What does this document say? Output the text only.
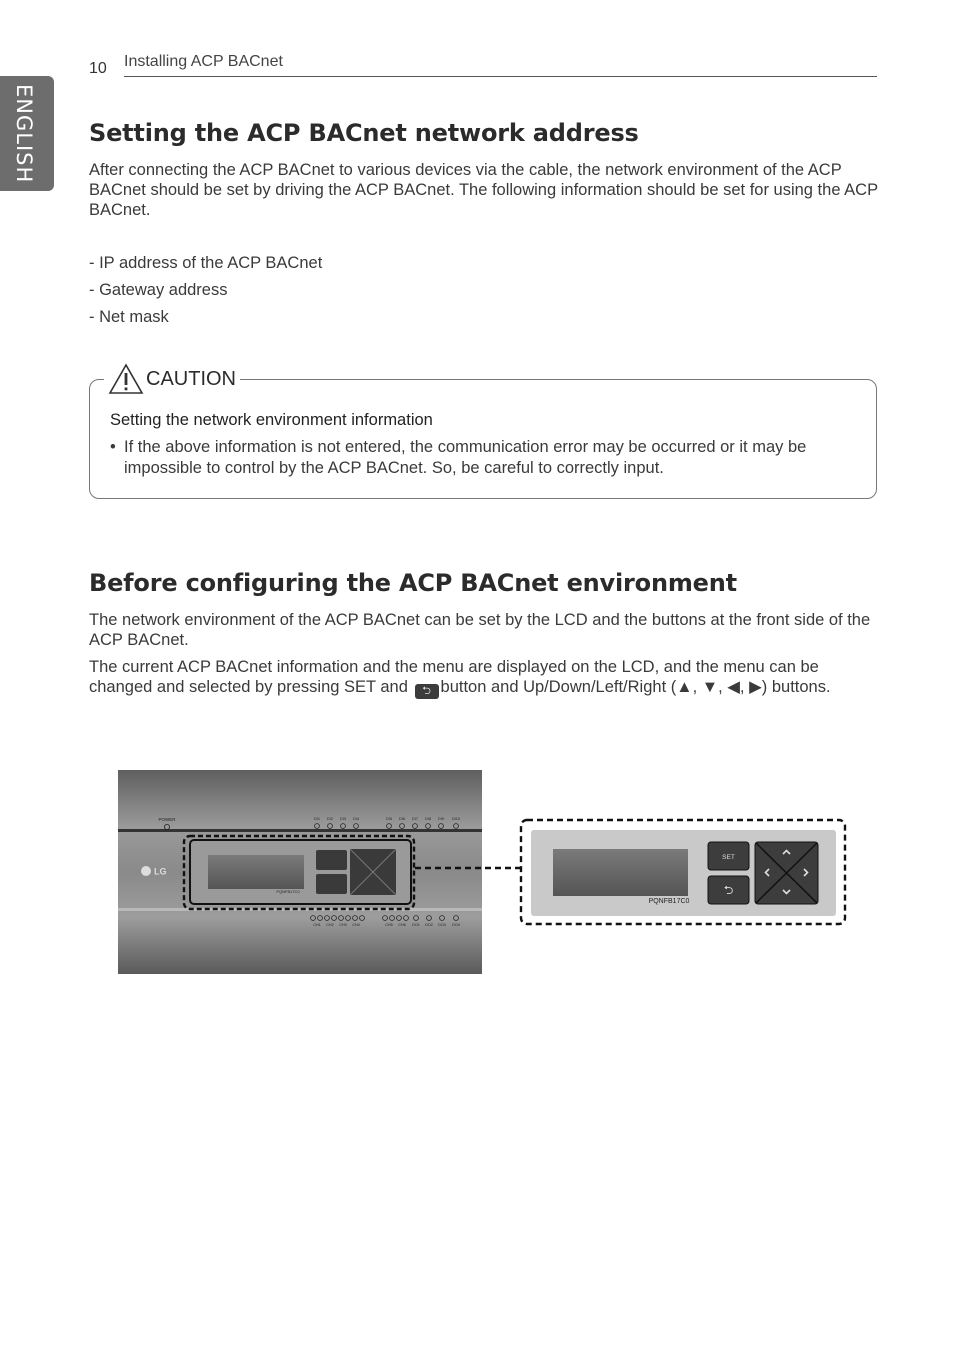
ENGLISH
10 Installing ACP BACnet
Setting the ACP BACnet network address

After connecting the ACP BACnet to various devices via the cable, the network environment of the ACP BACnet should be set by driving the ACP BACnet. The following information should be set for using the ACP BACnet.

- IP address of the ACP BACnet
- Gateway address
- Net mask
CAUTION
Setting the network environment information
• If the above information is not entered, the communication error may be occurred or it may be impossible to control by the ACP BACnet. So, be careful to correctly input.
Before configuring the ACP BACnet environment

The network environment of the ACP BACnet can be set by the LCD and the buttons at the front side of the ACP BACnet.

The current ACP BACnet information and the menu are displayed on the LCD, and the menu can be changed and selected by pressing SET and ⮌ button and Up/Down/Left/Right (▲, ▼, ◀, ▶) buttons.

POWER	DI1 DI2 DI3 DI4	DI5 DI6 DI7 DI8 DI9 DI10
LG
PQNFB17C0
CH1 CH2 CH3 CH4	CH5 CH6 DO1 DO2 DO3 DO4
PQNFB17C0
SET
⮌
